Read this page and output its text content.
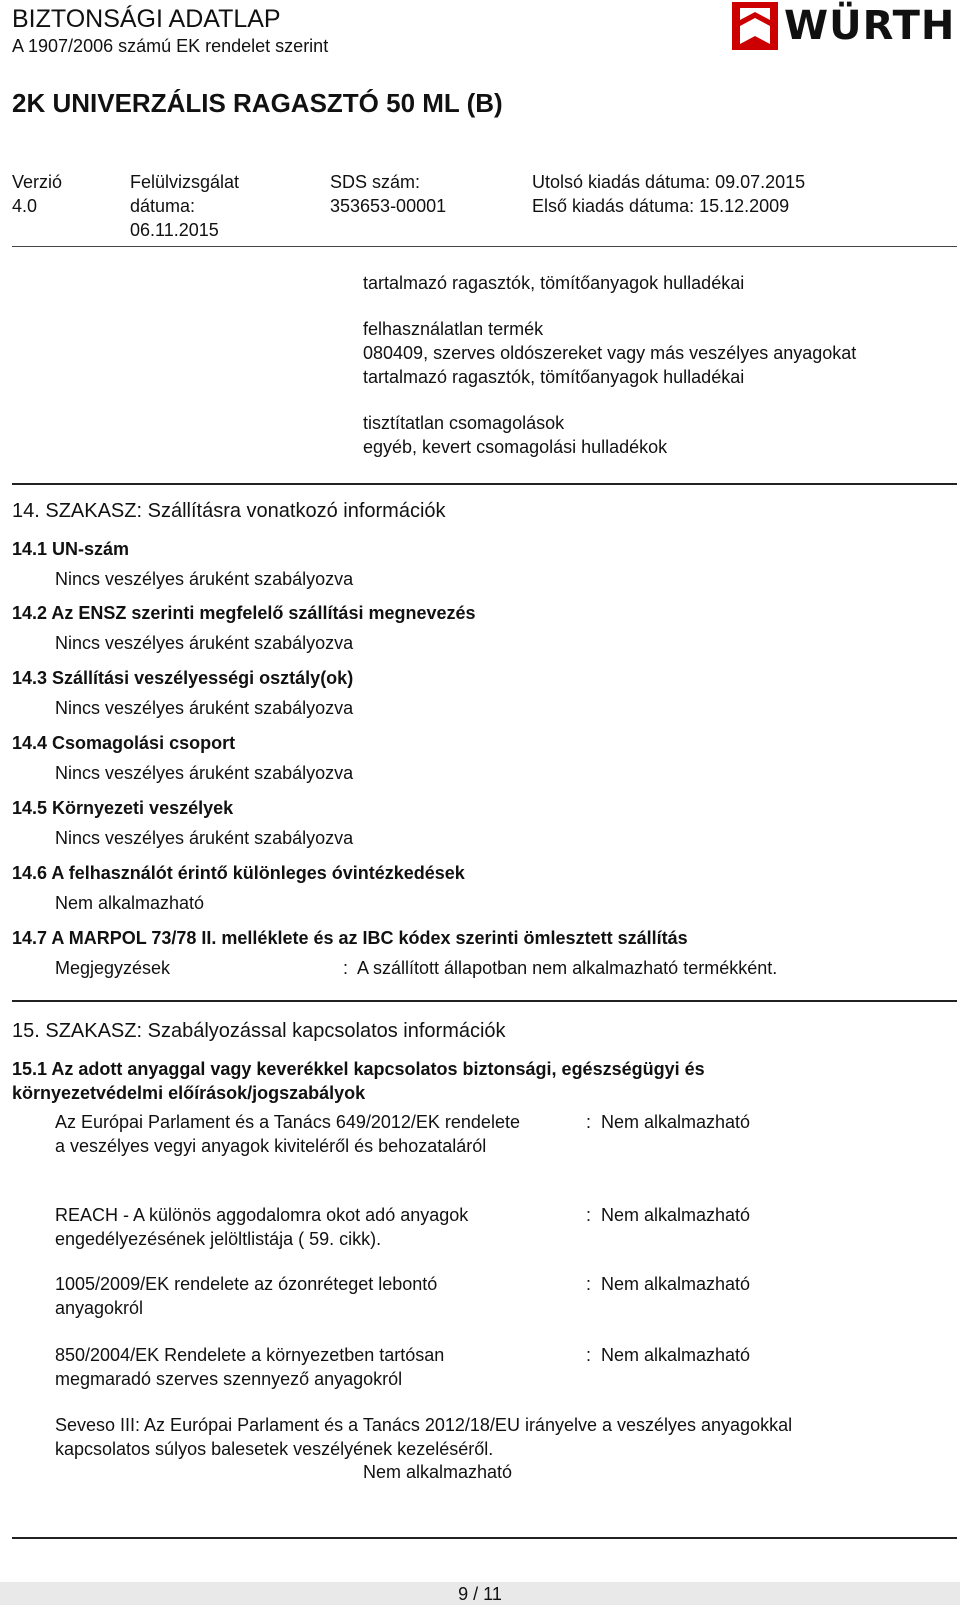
BIZTONSÁGI ADATLAP
A 1907/2006 számú EK rendelet szerint	WÜRTH
2K UNIVERZÁLIS RAGASZTÓ 50 ML (B)
Verzió
4.0
Felülvizsgálat
dátuma:
06.11.2015
SDS szám:
353653-00001
Utolsó kiadás dátuma: 09.07.2015
Első kiadás dátuma: 15.12.2009
tartalmazó ragasztók, tömítőanyagok hulladékai
felhasználatlan termék
080409, szerves oldószereket vagy más veszélyes anyagokat
tartalmazó ragasztók, tömítőanyagok hulladékai
tisztítatlan csomagolások
egyéb, kevert csomagolási hulladékok
14. SZAKASZ: Szállításra vonatkozó információk
14.1 UN-szám
Nincs veszélyes áruként szabályozva
14.2 Az ENSZ szerinti megfelelő szállítási megnevezés
Nincs veszélyes áruként szabályozva
14.3 Szállítási veszélyességi osztály(ok)
Nincs veszélyes áruként szabályozva
14.4 Csomagolási csoport
Nincs veszélyes áruként szabályozva
14.5 Környezeti veszélyek
Nincs veszélyes áruként szabályozva
14.6 A felhasználót érintő különleges óvintézkedések
Nem alkalmazható
14.7 A MARPOL 73/78 II. melléklete és az IBC kódex szerinti ömlesztett szállítás
Megjegyzések	:  A szállított állapotban nem alkalmazható termékként.
15. SZAKASZ: Szabályozással kapcsolatos információk
15.1 Az adott anyaggal vagy keverékkel kapcsolatos biztonsági, egészségügyi és környezetvédelmi előírások/jogszabályok
Az Európai Parlament és a Tanács 649/2012/EK rendelete a veszélyes vegyi anyagok kiviteléről és behozataláról
:  Nem alkalmazható
REACH - A különös aggodalomra okot adó anyagok engedélyezésének jelöltlistája ( 59. cikk).
:  Nem alkalmazható
1005/2009/EK rendelete az ózonréteget lebontó anyagokról
:  Nem alkalmazható
850/2004/EK Rendelete a környezetben tartósan megmaradó szerves szennyező anyagokról
:  Nem alkalmazható
Seveso III: Az Európai Parlament és a Tanács 2012/18/EU irányelve a veszélyes anyagokkal
kapcsolatos súlyos balesetek veszélyének kezeléséről.
Nem alkalmazható
9 / 11
